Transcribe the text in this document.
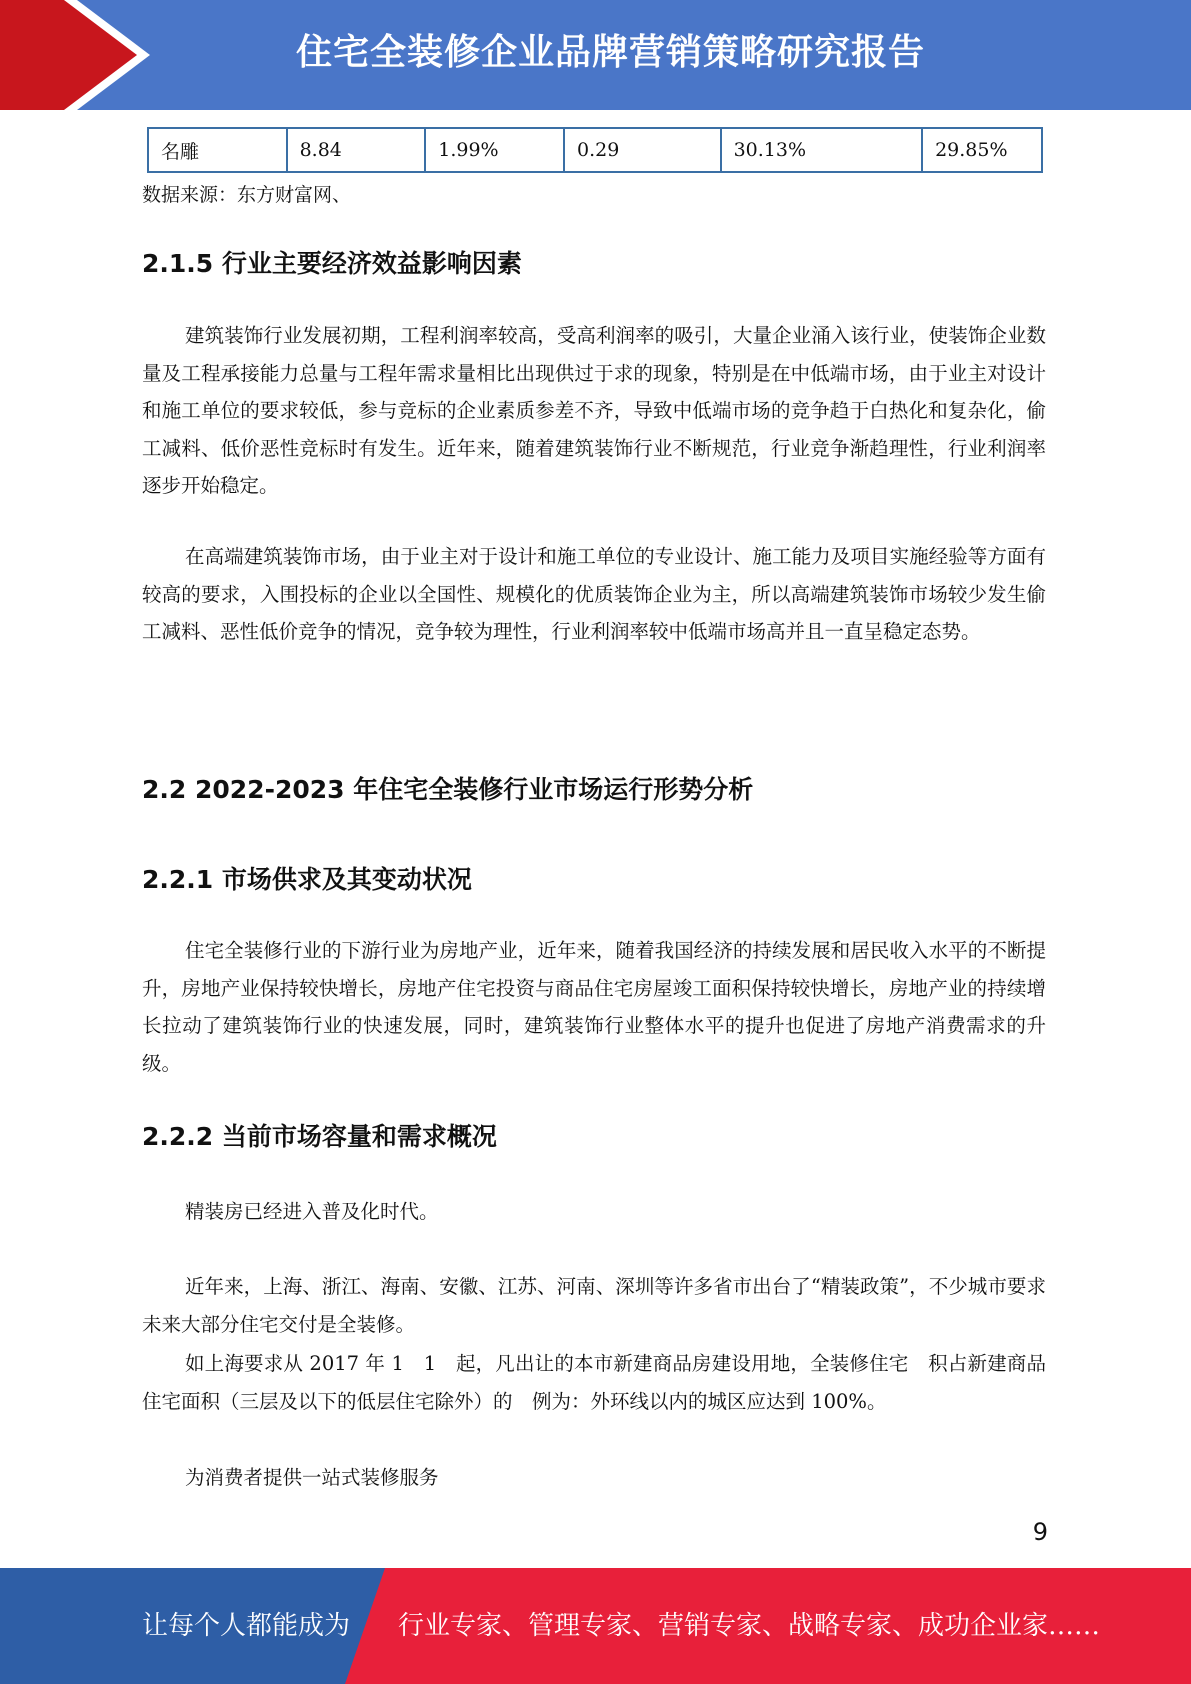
住宅全装修企业品牌营销策略研究报告
名雕	8.84	1.99%	0.29	30.13%	29.85%
数据来源：东方财富网、
2.1.5 行业主要经济效益影响因素

建筑装饰行业发展初期，工程利润率较高，受高利润率的吸引，大量企业涌入该行业，使装饰企业数量及工程承接能力总量与工程年需求量相比出现供过于求的现象，特别是在中低端市场，由于业主对设计和施工单位的要求较低，参与竞标的企业素质参差不齐，导致中低端市场的竞争趋于白热化和复杂化，偷工减料、低价恶性竞标时有发生。近年来，随着建筑装饰行业不断规范，行业竞争渐趋理性，行业利润率逐步开始稳定。

在高端建筑装饰市场，由于业主对于设计和施工单位的专业设计、施工能力及项目实施经验等方面有较高的要求，入围投标的企业以全国性、规模化的优质装饰企业为主，所以高端建筑装饰市场较少发生偷工减料、恶性低价竞争的情况，竞争较为理性，行业利润率较中低端市场高并且一直呈稳定态势。

2.2 2022-2023 年住宅全装修行业市场运行形势分析
2.2.1 市场供求及其变动状况

住宅全装修行业的下游行业为房地产业，近年来，随着我国经济的持续发展和居民收入水平的不断提升，房地产业保持较快增长，房地产住宅投资与商品住宅房屋竣工面积保持较快增长，房地产业的持续增长拉动了建筑装饰行业的快速发展，同时，建筑装饰行业整体水平的提升也促进了房地产消费需求的升级。

2.2.2 当前市场容量和需求概况

精装房已经进入普及化时代。

近年来，上海、浙江、海南、安徽、江苏、河南、深圳等许多省市出台了“精装政策”，不少城市要求未来大部分住宅交付是全装修。

如上海要求从 2017 年 1　1　起，凡出让的本市新建商品房建设用地，全装修住宅　积占新建商品住宅面积（三层及以下的低层住宅除外）的　例为：外环线以内的城区应达到 100%。

为消费者提供一站式装修服务

9
让每个人都能成为 行业专家、管理专家、营销专家、战略专家、成功企业家……
